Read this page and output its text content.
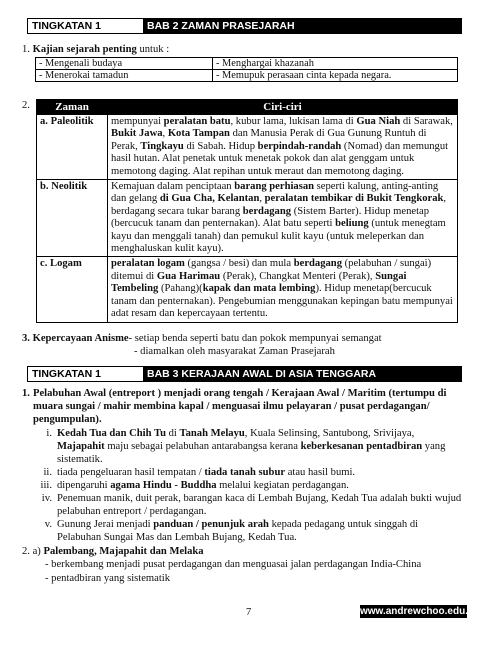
TINGKATAN 1	BAB 2 ZAMAN PRASEJARAH
1. Kajian sejarah penting untuk :
- Mengenali budaya	- Menghargai khazanah
- Menerokai tamadun	- Memupuk perasaan cinta kepada negara.
2. Zaman	Ciri-ciri
a. Paleolitik	mempunyai peralatan batu, kubur lama, lukisan lama di Gua Niah di Sarawak, Bukit Jawa, Kota Tampan dan Manusia Perak di Gua Gunung Runtuh di Perak, Tingkayu di Sabah. Hidup berpindah-randah (Nomad) dan memungut hasil hutan. Alat penetak untuk menetak pokok dan alat genggam untuk memotong daging. Alat repihan untuk meraut dan memotong daging.
b. Neolitik	Kemajuan dalam penciptaan barang perhiasan seperti kalung, anting-anting dan gelang di Gua Cha, Kelantan, peralatan tembikar di Bukit Tengkorak, berdagang secara tukar barang berdagang (Sistem Barter). Hidup menetap (bercucuk tanam dan penternakan). Alat batu seperti beliung (untuk menegtam kayu dan menggali tanah) dan pemukul kulit kayu (untuk meleperkan dan menghaluskan kulit kayu).
c. Logam	peralatan logam (gangsa / besi) dan mula berdagang (pelabuhan / sungai) ditemui di Gua Harimau (Perak), Changkat Menteri (Perak), Sungai Tembeling (Pahang)(kapak dan mata lembing). Hidup menetap(bercucuk tanam dan penternakan). Pengebumian menggunakan kepingan batu mempunyai adat resam dan kepercayaan tertentu.
3. Kepercayaan Anisme- setiap benda seperti batu dan pokok mempunyai semangat
- diamalkan oleh masyarakat Zaman Prasejarah
TINGKATAN 1	BAB 3 KERAJAAN AWAL DI ASIA TENGGARA
1. Pelabuhan Awal (entreport ) menjadi orang tengah / Kerajaan Awal / Maritim (tertumpu di muara sungai / mahir membina kapal / menguasai ilmu pelayaran / pusat perdagangan/ pengumpulan).
i. Kedah Tua dan Chih Tu di Tanah Melayu, Kuala Selinsing, Santubong, Srivijaya, Majapahit maju sebagai pelabuhan antarabangsa kerana keberkesanan pentadbiran yang sistematik.
ii. tiada pengeluaran hasil tempatan / tiada tanah subur atau hasil bumi.
iii. dipengaruhi agama Hindu - Buddha melalui kegiatan perdagangan.
iv. Penemuan manik, duit perak, barangan kaca di Lembah Bujang, Kedah Tua adalah bukti wujud pelabuhan entreport / perdagangan.
v. Gunung Jerai menjadi panduan / penunjuk arah kepada pedagang untuk singgah di Pelabuhan Sungai Mas dan Lembah Bujang, Kedah Tua.
2. a) Palembang, Majapahit dan Melaka
- berkembang menjadi pusat perdagangan dan menguasai jalan perdagangan India-China
- pentadbiran yang sistematik
7	www.andrewchoo.edu.my
